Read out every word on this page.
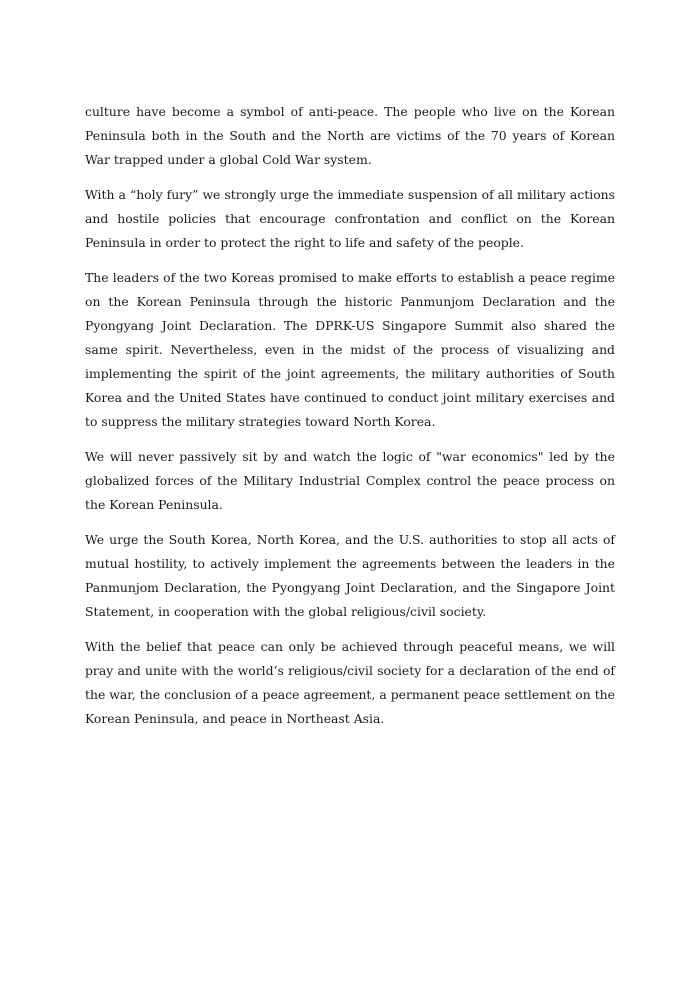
culture have become a symbol of anti-peace. The people who live on the Korean Peninsula both in the South and the North are victims of the 70 years of Korean War trapped under a global Cold War system.

With a “holy fury” we strongly urge the immediate suspension of all military actions and hostile policies that encourage confrontation and conflict on the Korean Peninsula in order to protect the right to life and safety of the people.

The leaders of the two Koreas promised to make efforts to establish a peace regime on the Korean Peninsula through the historic Panmunjom Declaration and the Pyongyang Joint Declaration. The DPRK-US Singapore Summit also shared the same spirit. Nevertheless, even in the midst of the process of visualizing and implementing the spirit of the joint agreements, the military authorities of South Korea and the United States have continued to conduct joint military exercises and to suppress the military strategies toward North Korea.

We will never passively sit by and watch the logic of "war economics" led by the globalized forces of the Military Industrial Complex control the peace process on the Korean Peninsula.

We urge the South Korea, North Korea, and the U.S. authorities to stop all acts of mutual hostility, to actively implement the agreements between the leaders in the Panmunjom Declaration, the Pyongyang Joint Declaration, and the Singapore Joint Statement, in cooperation with the global religious/civil society.

With the belief that peace can only be achieved through peaceful means, we will pray and unite with the world’s religious/civil society for a declaration of the end of the war, the conclusion of a peace agreement, a permanent peace settlement on the Korean Peninsula, and peace in Northeast Asia.
